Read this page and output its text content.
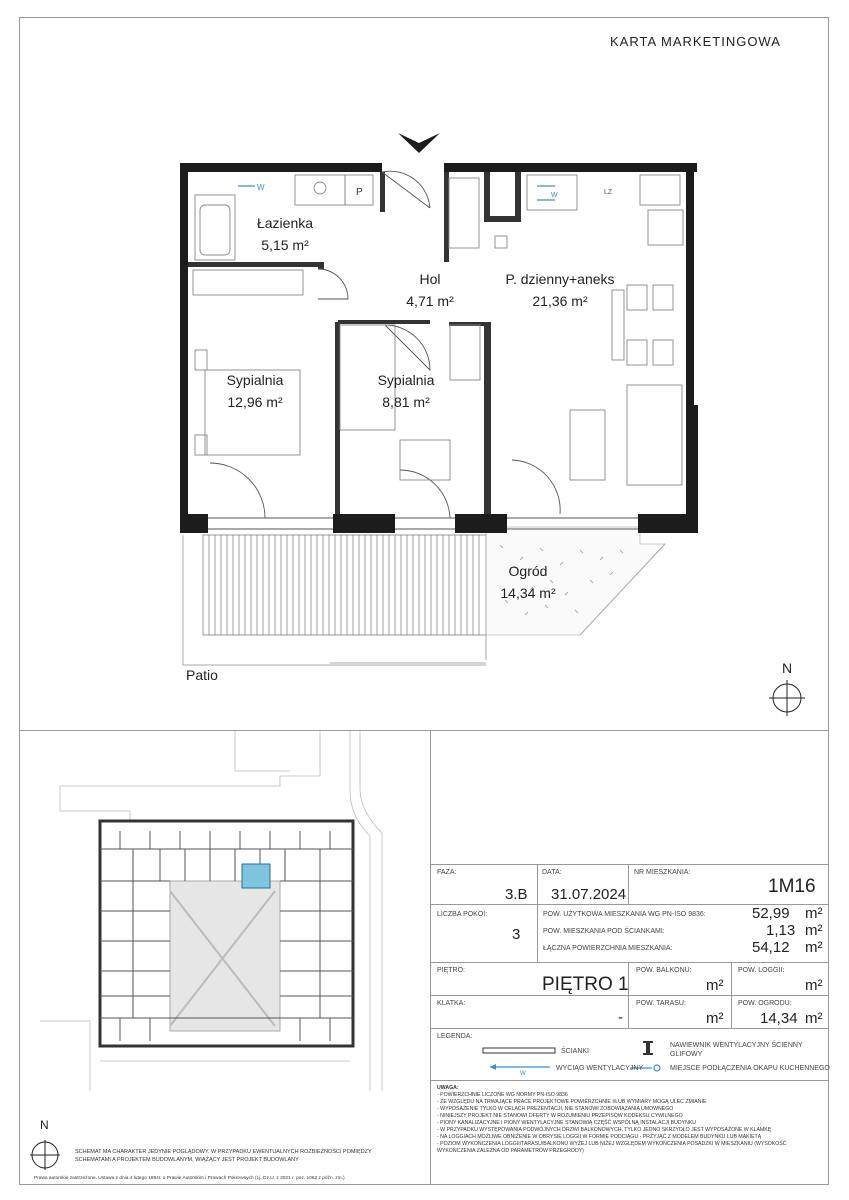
KARTA MARKETINGOWA
W
W
P	LZ
Łazienka
5,15 m²
Hol
4,71 m²
P. dzienny+aneks
21,36 m²
Sypialnia
12,96 m²
Sypialnia
8,81 m²
Ogród
14,34 m²
Patio	N
N
SCHEMAT MA CHARAKTER JEDYNIE POGLĄDOWY. W PRZYPADKU EWENTUALNYCH ROZBIEŻNOŚCI POMIĘDZY
SCHEMATAMI A PROJEKTEM BUDOWLANYM, WIĄŻĄCY JEST PROJEKT BUDOWLANY
Prawa autorskie zastrzeżone. Ustawa z dnia 4 lutego 1994r. o Prawie Autorskim i Prawach Pokrewnych (t.j. Dz.U. z 2021 r. poz. 1062 z późn. zm.)
FAZA:
3.B
DATA:
31.07.2024
NR MIESZKANIA:
1M16
LICZBA POKOI:
3
POW. UŻYTKOWA MIESZKANIA WG PN-ISO 9836:	52,99 m²
POW. MIESZKANIA POD ŚCIANKAMI:	1,13 m²
ŁĄCZNA POWIERZCHNIA MIESZKANIA:	54,12 m²
PIĘTRO:
PIĘTRO 1
POW. BALKONU:
m²
POW. LOGGII:
m²
KLATKA:
-
POW. TARASU:
m²
POW. OGRODU:
14,34 m²
LEGENDA:
W
ŚCIANKI
WYCIĄG WENTYLACYJNY
NAWIEWNIK WENTYLACYJNY ŚCIENNY GLIFOWY
MIEJSCE PODŁĄCZENIA OKAPU KUCHENNEGO
UWAGA:
- POWIERZCHNIE LICZONE WG NORMY PN-ISO 9836
- ZE WZGLĘDU NA TRWAJĄCE PRACE PROJEKTOWE POWIERZCHNIE I/LUB WYMIARY MOGĄ ULEC ZMIANIE
- WYPOSAŻENIE TYLKO W CELACH PREZENTACJI, NIE STANOWI ZOBOWIĄZANIA UMOWNEGO
- NINIEJSZY PROJEKT NIE STANOWI OFERTY W ROZUMIENIU PRZEPISÓW KODEKSU CYWILNEGO
- PIONY KANALIZACYJNE I PIONY WENTYLACYJNE STANOWIĄ CZĘŚĆ WSPÓLNĄ INSTALACJI BUDYNKU
- W PRZYPADKU WYSTĘPOWANIA PODWÓJNYCH DRZWI BALKONOWYCH, TYLKO JEDNO SKRZYDŁO JEST WYPOSAŻONE W KLAMKĘ
- NA LOGGIACH MOŻLIWE OBNIŻENIE W OBRYSIE LOGGII W FORMIE PODCIĄGU - PRZYJĄĆ Z MODELEM BUDYNKU LUB MAKIETĄ
- POZIOM WYKOŃCZENIA LOGGII/TARASU/BALKONU WYŻEJ LUB NIŻEJ WZGLĘDEM WYKOŃCZENIA POSADZKI W MIESZKANIU (WYSOKOŚĆ
WYKOŃCZENIA ZALEŻNA OD PARAMETRÓW PRZEGRODY)
